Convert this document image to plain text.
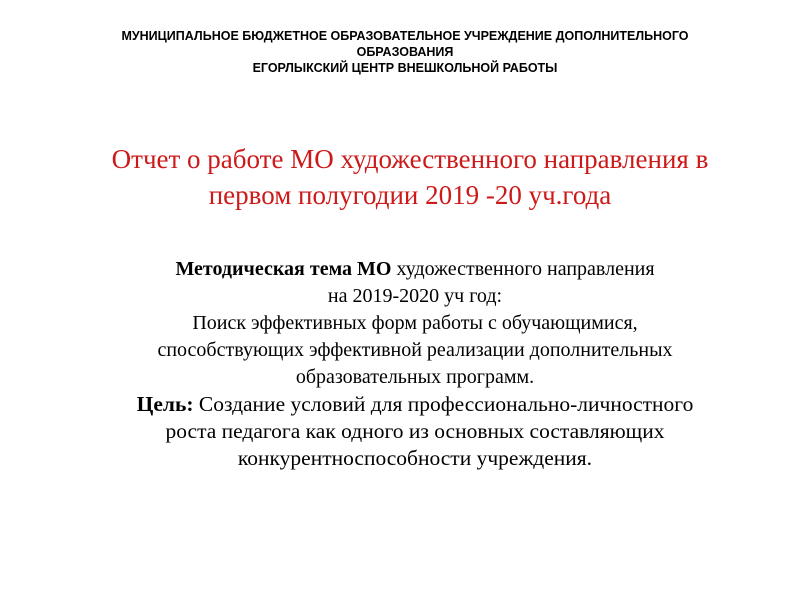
МУНИЦИПАЛЬНОЕ БЮДЖЕТНОЕ ОБРАЗОВАТЕЛЬНОЕ УЧРЕЖДЕНИЕ ДОПОЛНИТЕЛЬНОГО
ОБРАЗОВАНИЯ
ЕГОРЛЫКСКИЙ ЦЕНТР ВНЕШКОЛЬНОЙ РАБОТЫ
Отчет о работе МО художественного направления в
первом полугодии 2019 -20 уч.года
Методическая тема МО художественного направления
на 2019-2020 уч год:
Поиск эффективных форм работы с обучающимися,
способствующих эффективной реализации дополнительных
образовательных программ.
Цель: Создание условий для профессионально-личностного
роста педагога как одного из основных составляющих
конкурентноспособности учреждения.
